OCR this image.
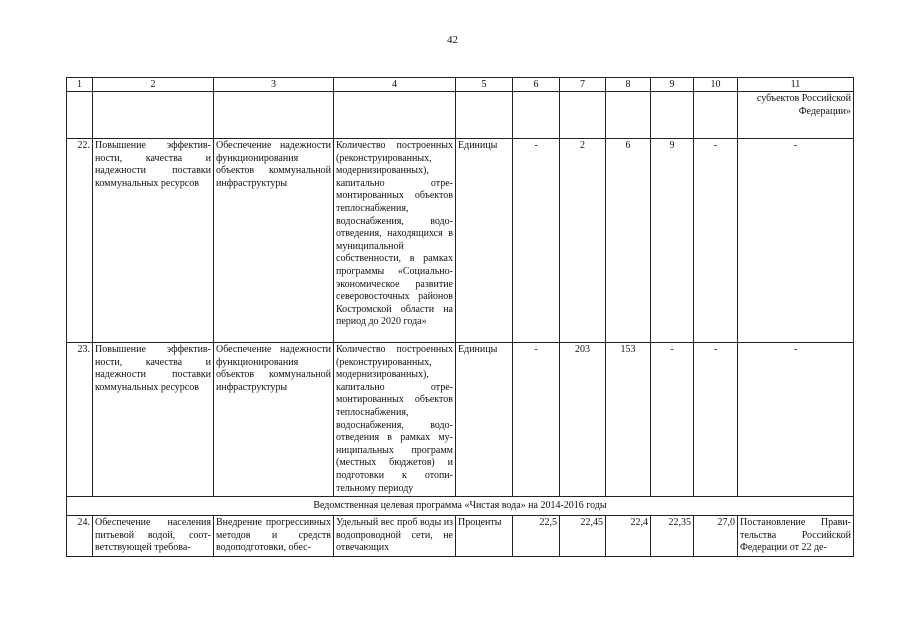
42
1	2	3	4	5	6	7	8	9	10	11

										субъектов Российской Федерации»

22.	Повышение эффективности, качества и надежности поставки коммунальных ресурсов	Обеспечение надежности функционирования объектов коммунальной инфраструктуры	Количество построенных (реконструированных, модернизированных), капитально отремонтированных объектов теплоснабжения, водоснабжения, водоотведения, находящихся в муниципальной собственности, в рамках программы «Социально-экономическое развитие северовосточных районов Костромской области на период до 2020 года»	Единицы	-	2	6	9	-	-
23.	Повышение эффективности, качества и надежности поставки коммунальных ресурсов	Обеспечение надежности функционирования объектов коммунальной инфраструктуры	Количество построенных (реконструированных, модернизированных), капитально отремонтированных объектов теплоснабжения, водоснабжения, водоотведения в рамках муниципальных программ (местных бюджетов) и подготовки к отопительному периоду	Единицы	-	203	153	-	-	-
Ведомственная целевая программа «Чистая вода» на 2014-2016 годы										
24.	Обеспечение населения питьевой водой, соответствующей требова-	Внедрение прогрессивных методов и средств водоподготовки, обес-	Удельный вес проб воды из водопроводной сети, не отвечающих	Проценты	22,5	22,45	22,4	22,35	27,0	Постановление Правительства Российской Федерации от 22 де-
